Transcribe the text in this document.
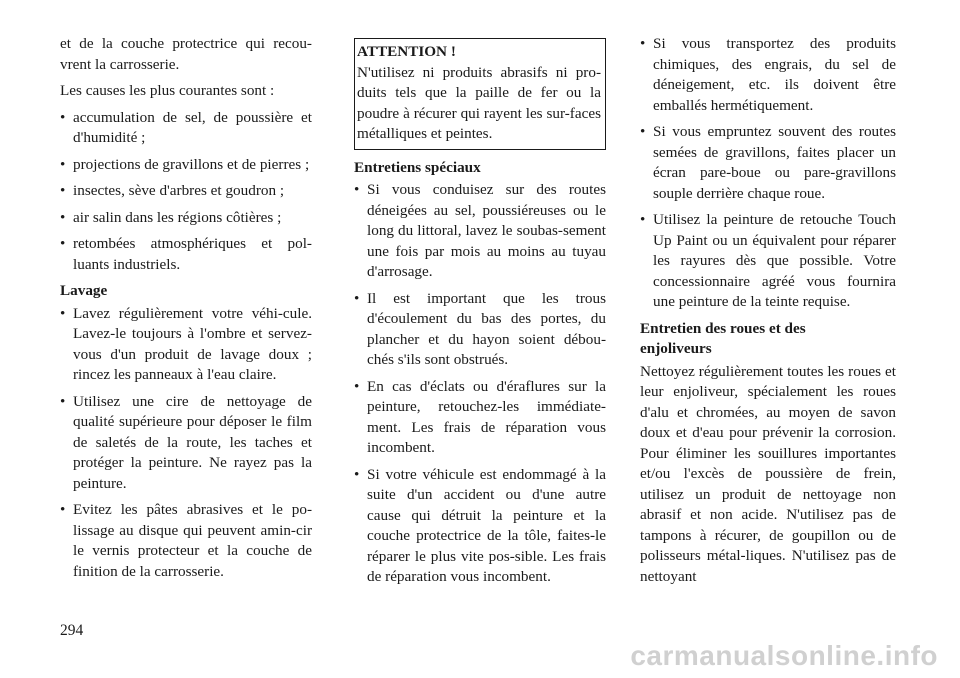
et de la couche protectrice qui recou-vrent la carrosserie.

Les causes les plus courantes sont :

• accumulation de sel, de poussière et d'humidité ;
• projections de gravillons et de pierres ;
• insectes, sève d'arbres et goudron ;
• air salin dans les régions côtières ;
• retombées atmosphériques et pol-luants industriels.

Lavage

• Lavez régulièrement votre véhi-cule. Lavez-le toujours à l'ombre et servez-vous d'un produit de lavage doux ; rincez les panneaux à l'eau claire.
• Utilisez une cire de nettoyage de qualité supérieure pour déposer le film de saletés de la route, les taches et protéger la peinture. Ne rayez pas la peinture.
• Evitez les pâtes abrasives et le po-lissage au disque qui peuvent amin-cir le vernis protecteur et la couche de finition de la carrosserie.
ATTENTION !
N'utilisez ni produits abrasifs ni pro-duits tels que la paille de fer ou la poudre à récurer qui rayent les sur-faces métalliques et peintes.

Entretiens spéciaux

• Si vous conduisez sur des routes déneigées au sel, poussiéreuses ou le long du littoral, lavez le soubas-sement une fois par mois au moins au tuyau d'arrosage.
• Il est important que les trous d'écoulement du bas des portes, du plancher et du hayon soient débou-chés s'ils sont obstrués.
• En cas d'éclats ou d'éraflures sur la peinture, retouchez-les immédiate-ment. Les frais de réparation vous incombent.
• Si votre véhicule est endommagé à la suite d'un accident ou d'une autre cause qui détruit la peinture et la couche protectrice de la tôle, faites-le réparer le plus vite pos-sible. Les frais de réparation vous incombent.
• Si vous transportez des produits chimiques, des engrais, du sel de déneigement, etc. ils doivent être emballés hermétiquement.
• Si vous empruntez souvent des routes semées de gravillons, faites placer un écran pare-boue ou pare-gravillons souple derrière chaque roue.
• Utilisez la peinture de retouche Touch Up Paint ou un équivalent pour réparer les rayures dès que possible. Votre concessionnaire agréé vous fournira une peinture de la teinte requise.

Entretien des roues et des enjoliveurs

Nettoyez régulièrement toutes les roues et leur enjoliveur, spécialement les roues d'alu et chromées, au moyen de savon doux et d'eau pour prévenir la corrosion. Pour éliminer les souillures importantes et/ou l'excès de poussière de frein, utilisez un produit de nettoyage non abrasif et non acide. N'utilisez pas de tampons à récurer, de goupillon ou de polisseurs métal-liques. N'utilisez pas de nettoyant

294
carmanualsonline.info
